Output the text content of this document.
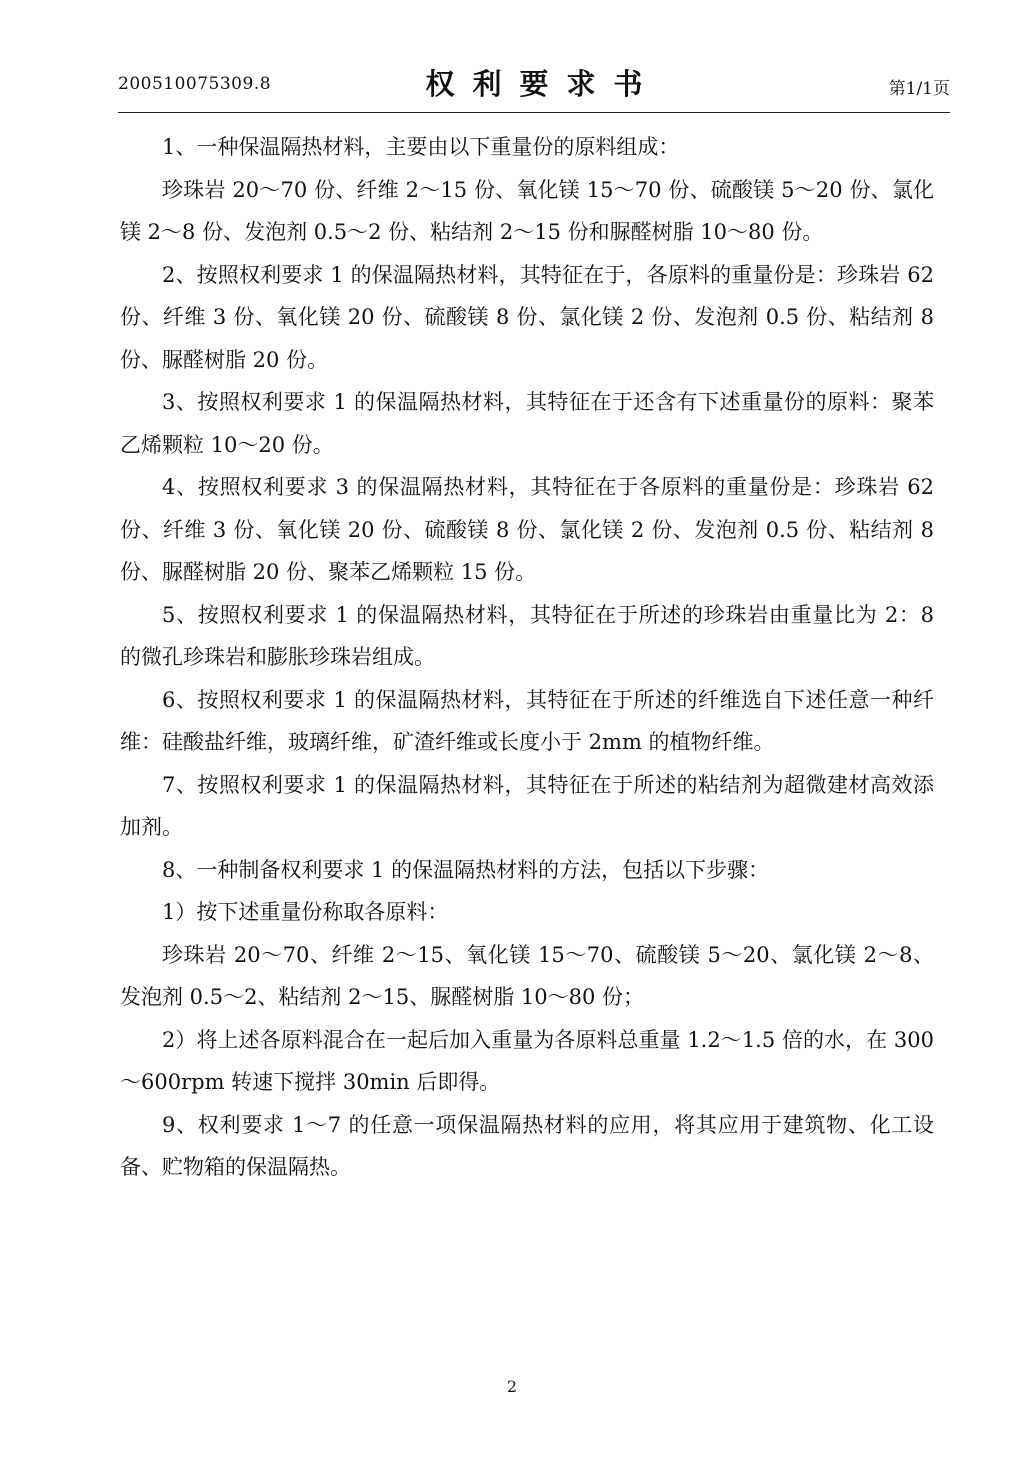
200510075309.8	权利要求书	第1/1页

1、一种保温隔热材料，主要由以下重量份的原料组成：

珍珠岩 20～70 份、纤维 2～15 份、氧化镁 15～70 份、硫酸镁 5～20 份、氯化镁 2～8 份、发泡剂 0.5～2 份、粘结剂 2～15 份和脲醛树脂 10～80 份。

2、按照权利要求 1 的保温隔热材料，其特征在于，各原料的重量份是：珍珠岩 62 份、纤维 3 份、氧化镁 20 份、硫酸镁 8 份、氯化镁 2 份、发泡剂 0.5 份、粘结剂 8 份、脲醛树脂 20 份。

3、按照权利要求 1 的保温隔热材料，其特征在于还含有下述重量份的原料：聚苯乙烯颗粒 10～20 份。

4、按照权利要求 3 的保温隔热材料，其特征在于各原料的重量份是：珍珠岩 62 份、纤维 3 份、氧化镁 20 份、硫酸镁 8 份、氯化镁 2 份、发泡剂 0.5 份、粘结剂 8 份、脲醛树脂 20 份、聚苯乙烯颗粒 15 份。

5、按照权利要求 1 的保温隔热材料，其特征在于所述的珍珠岩由重量比为 2：8 的微孔珍珠岩和膨胀珍珠岩组成。

6、按照权利要求 1 的保温隔热材料，其特征在于所述的纤维选自下述任意一种纤维：硅酸盐纤维，玻璃纤维，矿渣纤维或长度小于 2mm 的植物纤维。

7、按照权利要求 1 的保温隔热材料，其特征在于所述的粘结剂为超微建材高效添加剂。

8、一种制备权利要求 1 的保温隔热材料的方法，包括以下步骤：

1）按下述重量份称取各原料：

珍珠岩 20～70、纤维 2～15、氧化镁 15～70、硫酸镁 5～20、氯化镁 2～8、发泡剂 0.5～2、粘结剂 2～15、脲醛树脂 10～80 份；

2）将上述各原料混合在一起后加入重量为各原料总重量 1.2～1.5 倍的水，在 300～600rpm 转速下搅拌 30min 后即得。

9、权利要求 1～7 的任意一项保温隔热材料的应用，将其应用于建筑物、化工设备、贮物箱的保温隔热。

2
